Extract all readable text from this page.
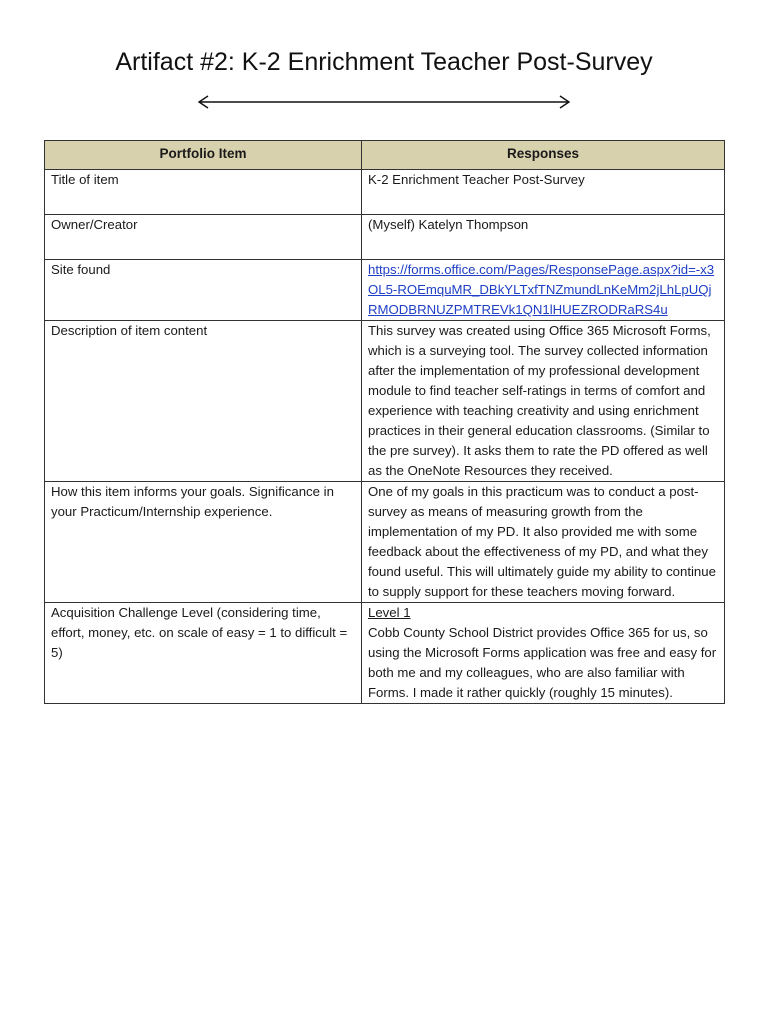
Artifact #2: K-2 Enrichment Teacher Post-Survey
Portfolio Item	Responses
Title of item	K-2 Enrichment Teacher Post-Survey
Owner/Creator	(Myself) Katelyn Thompson
Site found	https://forms.office.com/Pages/ResponsePage.aspx?id=-x3OL5-ROEmquMR_DBkYLTxfTNZmundLnKeMm2jLhLpUQjRMODBRNUZPMTREVk1QN1lHUEZRODRaRS4u
Description of item content	This survey was created using Office 365 Microsoft Forms, which is a surveying tool. The survey collected information after the implementation of my professional development module to find teacher self-ratings in terms of comfort and experience with teaching creativity and using enrichment practices in their general education classrooms. (Similar to the pre survey). It asks them to rate the PD offered as well as the OneNote Resources they received.
How this item informs your goals. Significance in your Practicum/Internship experience.	One of my goals in this practicum was to conduct a post-survey as means of measuring growth from the implementation of my PD. It also provided me with some feedback about the effectiveness of my PD, and what they found useful. This will ultimately guide my ability to continue to supply support for these teachers moving forward.
Acquisition Challenge Level (considering time, effort, money, etc. on scale of easy = 1 to difficult = 5)	Level 1
Cobb County School District provides Office 365 for us, so using the Microsoft Forms application was free and easy for both me and my colleagues, who are also familiar with Forms. I made it rather quickly (roughly 15 minutes).
